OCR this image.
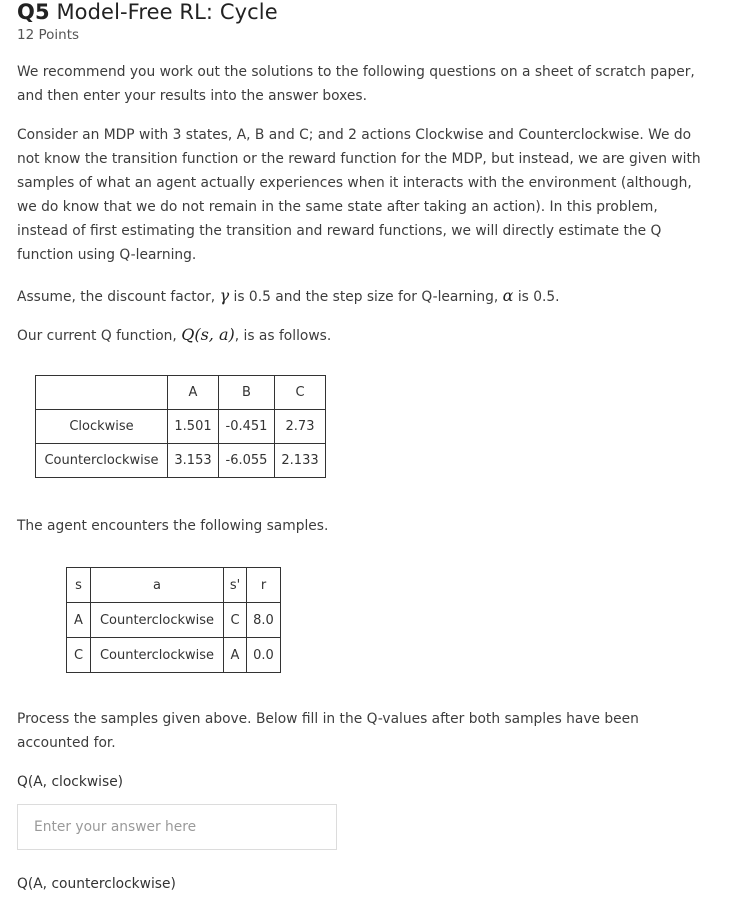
Q5 Model-Free RL: Cycle
12 Points

We recommend you work out the solutions to the following questions on a sheet of scratch paper, and then enter your results into the answer boxes.

Consider an MDP with 3 states, A, B and C; and 2 actions Clockwise and Counterclockwise. We do not know the transition function or the reward function for the MDP, but instead, we are given with samples of what an agent actually experiences when it interacts with the environment (although, we do know that we do not remain in the same state after taking an action). In this problem, instead of first estimating the transition and reward functions, we will directly estimate the Q function using Q-learning.

Assume, the discount factor, γ is 0.5 and the step size for Q-learning, α is 0.5.

Our current Q function, Q(s, a), is as follows.

	A	B	C
Clockwise	1.501	-0.451	2.73
Counterclockwise	3.153	-6.055	2.133

The agent encounters the following samples.

s	a	s'	r
A	Counterclockwise	C	8.0
C	Counterclockwise	A	0.0

Process the samples given above. Below fill in the Q-values after both samples have been accounted for.

Q(A, clockwise)
Enter your answer here
Q(A, counterclockwise)
